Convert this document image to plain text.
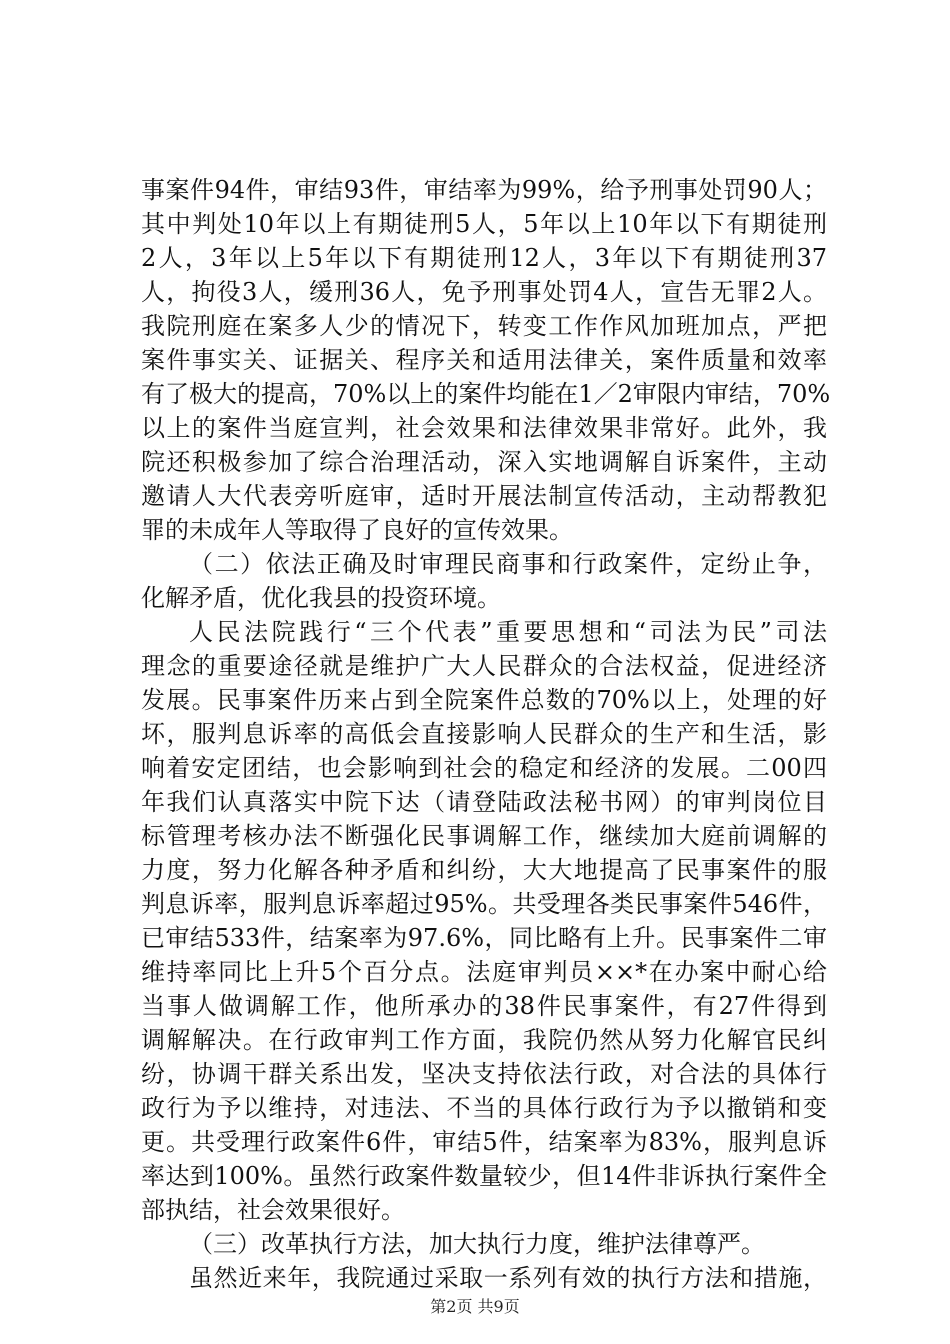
事案件94件，审结93件，审结率为99%，给予刑事处罚90人；
其中判处10年以上有期徒刑5人，5年以上10年以下有期徒刑
2人，3年以上5年以下有期徒刑12人，3年以下有期徒刑37
人，拘役3人，缓刑36人，免予刑事处罚4人，宣告无罪2人。
我院刑庭在案多人少的情况下，转变工作作风加班加点，严把
案件事实关、证据关、程序关和适用法律关，案件质量和效率
有了极大的提高，70%以上的案件均能在1／2审限内审结，70%
以上的案件当庭宣判，社会效果和法律效果非常好。此外，我
院还积极参加了综合治理活动，深入实地调解自诉案件，主动
邀请人大代表旁听庭审，适时开展法制宣传活动，主动帮教犯
罪的未成年人等取得了良好的宣传效果。
（二）依法正确及时审理民商事和行政案件，定纷止争，
化解矛盾，优化我县的投资环境。
人民法院践行“三个代表”重要思想和“司法为民”司法
理念的重要途径就是维护广大人民群众的合法权益，促进经济
发展。民事案件历来占到全院案件总数的70%以上，处理的好
坏，服判息诉率的高低会直接影响人民群众的生产和生活，影
响着安定团结，也会影响到社会的稳定和经济的发展。二00四
年我们认真落实中院下达（请登陆政法秘书网）的审判岗位目
标管理考核办法不断强化民事调解工作，继续加大庭前调解的
力度，努力化解各种矛盾和纠纷，大大地提高了民事案件的服
判息诉率，服判息诉率超过95%。共受理各类民事案件546件，
已审结533件，结案率为97.6%，同比略有上升。民事案件二审
维持率同比上升5个百分点。法庭审判员××*在办案中耐心给
当事人做调解工作，他所承办的38件民事案件，有27件得到
调解解决。在行政审判工作方面，我院仍然从努力化解官民纠
纷，协调干群关系出发，坚决支持依法行政，对合法的具体行
政行为予以维持，对违法、不当的具体行政行为予以撤销和变
更。共受理行政案件6件，审结5件，结案率为83%，服判息诉
率达到100%。虽然行政案件数量较少，但14件非诉执行案件全
部执结，社会效果很好。
（三）改革执行方法，加大执行力度，维护法律尊严。
虽然近来年，我院通过采取一系列有效的执行方法和措施，
第2页 共9页
